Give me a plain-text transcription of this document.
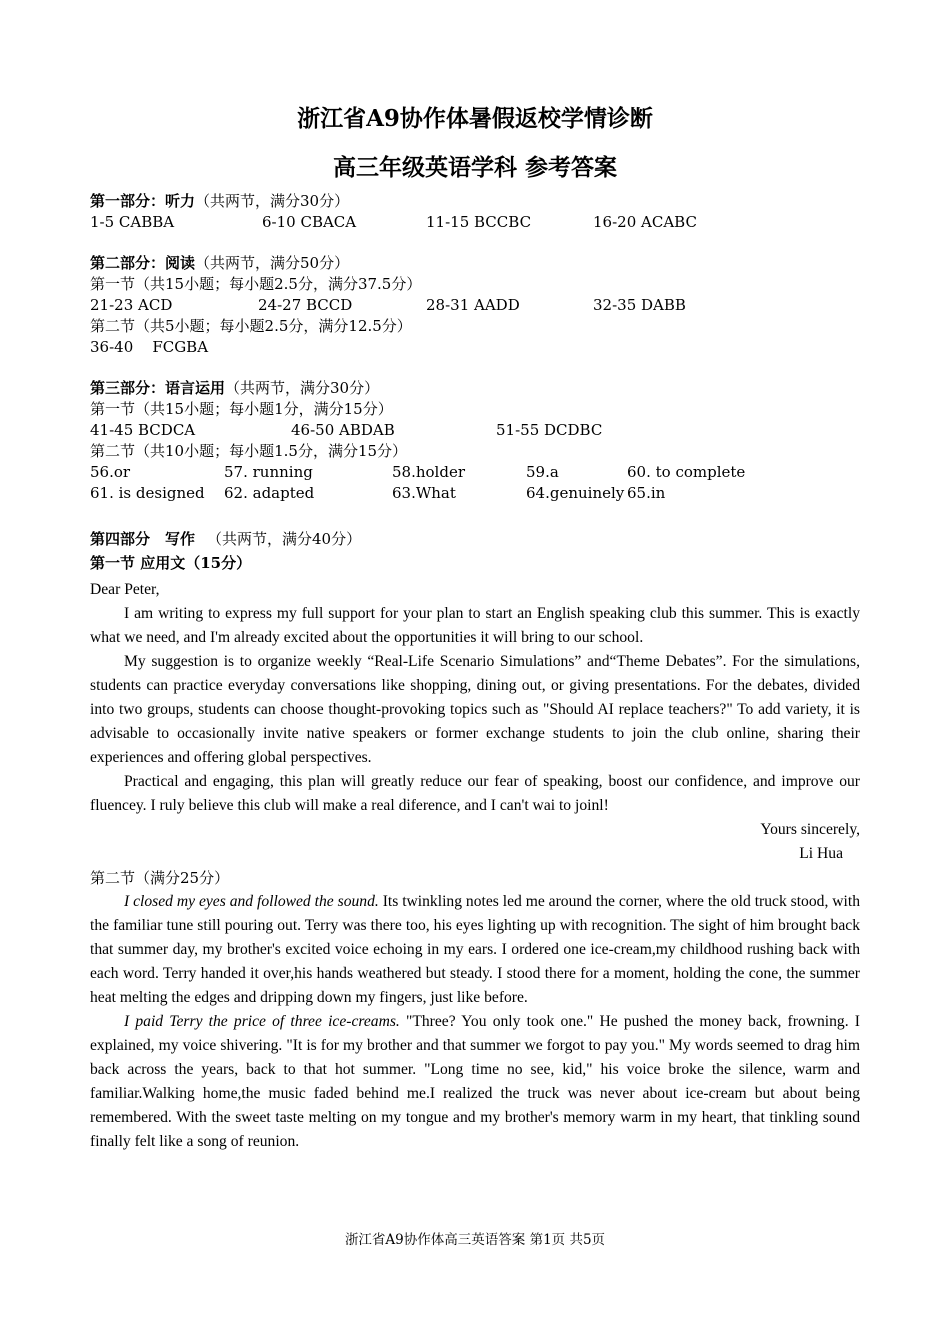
浙江省A9协作体暑假返校学情诊断
高三年级英语学科 参考答案
第一部分：听力（共两节，满分30分）
1-5 CABBA	6-10 CBACA	11-15 BCCBC	16-20 ACABC
第二部分：阅读（共两节，满分50分）
第一节（共15小题；每小题2.5分，满分37.5分）
21-23 ACD	24-27 BCCD	28-31 AADD	32-35 DABB
第二节（共5小题；每小题2.5分，满分12.5分）
36-40    FCGBA
第三部分：语言运用（共两节，满分30分）
第一节（共15小题；每小题1分，满分15分）
41-45 BCDCA	46-50 ABDAB	51-55 DCDBC
第二节（共10小题；每小题1.5分，满分15分）
56.or	57. running	58.holder	59.a	60. to complete
61. is designed 62. adapted	63.What	64.genuinely 65.in
第四部分　写作 （共两节，满分40分）
第一节 应用文（15分）

Dear Peter,

I am writing to express my full support for your plan to start an English speaking club this summer. This is exactly what we need, and I'm already excited about the opportunities it will bring to our school.

My suggestion is to organize weekly “Real-Life Scenario Simulations” and“Theme Debates”. For the simulations, students can practice everyday conversations like shopping, dining out, or giving presentations. For the debates, divided into two groups, students can choose thought-provoking topics such as "Should AI replace teachers?" To add variety, it is advisable to occasionally invite native speakers or former exchange students to join the club online, sharing their experiences and offering global perspectives.

Practical and engaging, this plan will greatly reduce our fear of speaking, boost our confidence, and improve our fluencey. I ruly believe this club will make a real diference, and I can't wai to joinl!

Yours sincerely,

Li Hua

第二节（满分25分）

I closed my eyes and followed the sound. Its twinkling notes led me around the corner, where the old truck stood, with the familiar tune still pouring out. Terry was there too, his eyes lighting up with recognition. The sight of him brought back that summer day, my brother's excited voice echoing in my ears. I ordered one ice-cream,my childhood rushing back with each word. Terry handed it over,his hands weathered but steady. I stood there for a moment, holding the cone, the summer heat melting the edges and dripping down my fingers, just like before.

I paid Terry the price of three ice-creams. "Three? You only took one." He pushed the money back, frowning. I explained, my voice shivering. "It is for my brother and that summer we forgot to pay you." My words seemed to drag him back across the years, back to that hot summer. "Long time no see, kid," his voice broke the silence, warm and familiar.Walking home,the music faded behind me.I realized the truck was never about ice-cream but about being remembered. With the sweet taste melting on my tongue and my brother's memory warm in my heart, that tinkling sound finally felt like a song of reunion.

浙江省A9协作体高三英语答案 第1页 共5页
